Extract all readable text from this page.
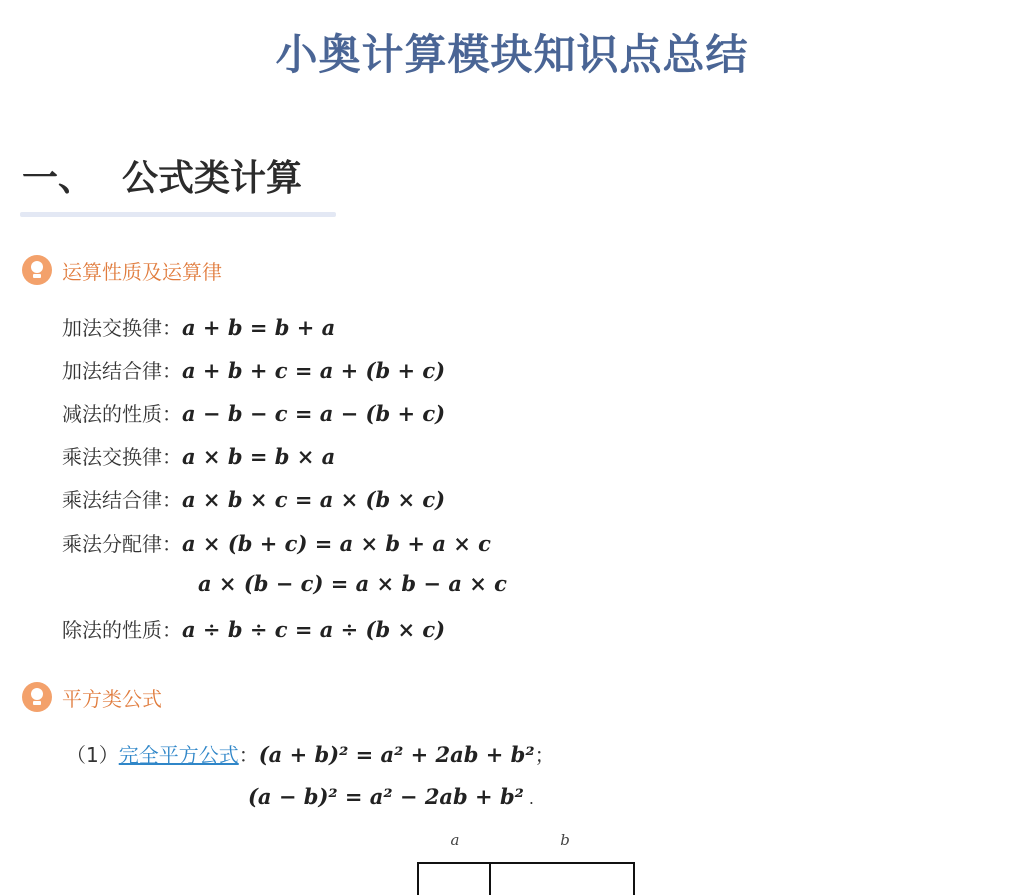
小奥计算模块知识点总结
一、 公式类计算
运算性质及运算律
加法交换律： a + b = b + a
加法结合律： a + b + c = a + (b + c)
减法的性质： a − b − c = a − (b + c)
乘法交换律： a × b = b × a
乘法结合律： a × b × c = a × (b × c)
乘法分配律： a × (b + c) = a × b + a × c
a × (b − c) = a × b − a × c
除法的性质： a ÷ b ÷ c = a ÷ (b × c)
平方类公式
（1） 完全平方公式 ： (a + b)² = a² + 2ab + b² ；
(a − b)² = a² − 2ab + b² .
a	b
